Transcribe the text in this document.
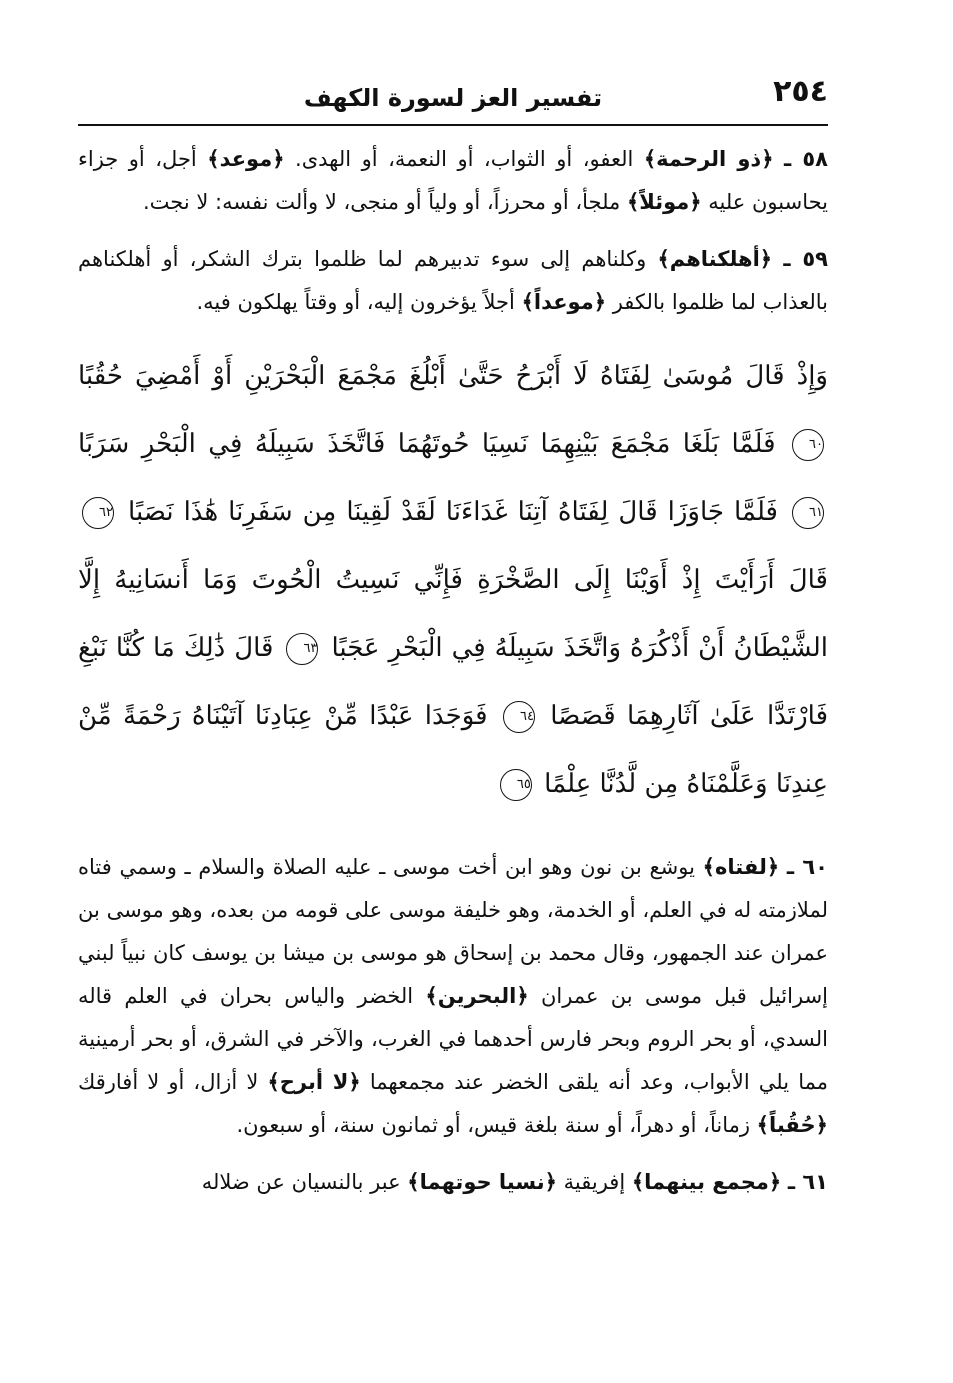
٢٥٤
تفسير العز لسورة الكهف

٥٨ ـ ﴿ذو الرحمة﴾ العفو، أو الثواب، أو النعمة، أو الهدى. ﴿موعد﴾ أجل، أو جزاء يحاسبون عليه ﴿موئلاً﴾ ملجأ، أو محرزاً، أو ولياً أو منجى، لا وألت نفسه: لا نجت.

٥٩ ـ ﴿أهلكناهم﴾ وكلناهم إلى سوء تدبيرهم لما ظلموا بترك الشكر، أو أهلكناهم بالعذاب لما ظلموا بالكفر ﴿موعداً﴾ أجلاً يؤخرون إليه، أو وقتاً يهلكون فيه.

وَإِذْ قَالَ مُوسَىٰ لِفَتَاهُ لَا أَبْرَحُ حَتَّىٰ أَبْلُغَ مَجْمَعَ الْبَحْرَيْنِ أَوْ أَمْضِيَ حُقُبًا ٦٠ فَلَمَّا بَلَغَا مَجْمَعَ بَيْنِهِمَا نَسِيَا حُوتَهُمَا فَاتَّخَذَ سَبِيلَهُ فِي الْبَحْرِ سَرَبًا ٦١ فَلَمَّا جَاوَزَا قَالَ لِفَتَاهُ آتِنَا غَدَاءَنَا لَقَدْ لَقِينَا مِن سَفَرِنَا هَٰذَا نَصَبًا ٦٢ قَالَ أَرَأَيْتَ إِذْ أَوَيْنَا إِلَى الصَّخْرَةِ فَإِنِّي نَسِيتُ الْحُوتَ وَمَا أَنسَانِيهُ إِلَّا الشَّيْطَانُ أَنْ أَذْكُرَهُ وَاتَّخَذَ سَبِيلَهُ فِي الْبَحْرِ عَجَبًا ٦٣ قَالَ ذَٰلِكَ مَا كُنَّا نَبْغِ فَارْتَدَّا عَلَىٰ آثَارِهِمَا قَصَصًا ٦٤ فَوَجَدَا عَبْدًا مِّنْ عِبَادِنَا آتَيْنَاهُ رَحْمَةً مِّنْ عِندِنَا وَعَلَّمْنَاهُ مِن لَّدُنَّا عِلْمًا ٦٥

٦٠ ـ ﴿لفتاه﴾ يوشع بن نون وهو ابن أخت موسى ـ عليه الصلاة والسلام ـ وسمي فتاه لملازمته له في العلم، أو الخدمة، وهو خليفة موسى على قومه من بعده، وهو موسى بن عمران عند الجمهور، وقال محمد بن إسحاق هو موسى بن ميشا بن يوسف كان نبياً لبني إسرائيل قبل موسى بن عمران ﴿البحرين﴾ الخضر والياس بحران في العلم قاله السدي، أو بحر الروم وبحر فارس أحدهما في الغرب، والآخر في الشرق، أو بحر أرمينية مما يلي الأبواب، وعد أنه يلقى الخضر عند مجمعهما ﴿لا أبرح﴾ لا أزال، أو لا أفارقك ﴿حُقُباً﴾ زماناً، أو دهراً، أو سنة بلغة قيس، أو ثمانون سنة، أو سبعون.

٦١ ـ ﴿مجمع بينهما﴾ إفريقية ﴿نسيا حوتهما﴾ عبر بالنسيان عن ضلاله
